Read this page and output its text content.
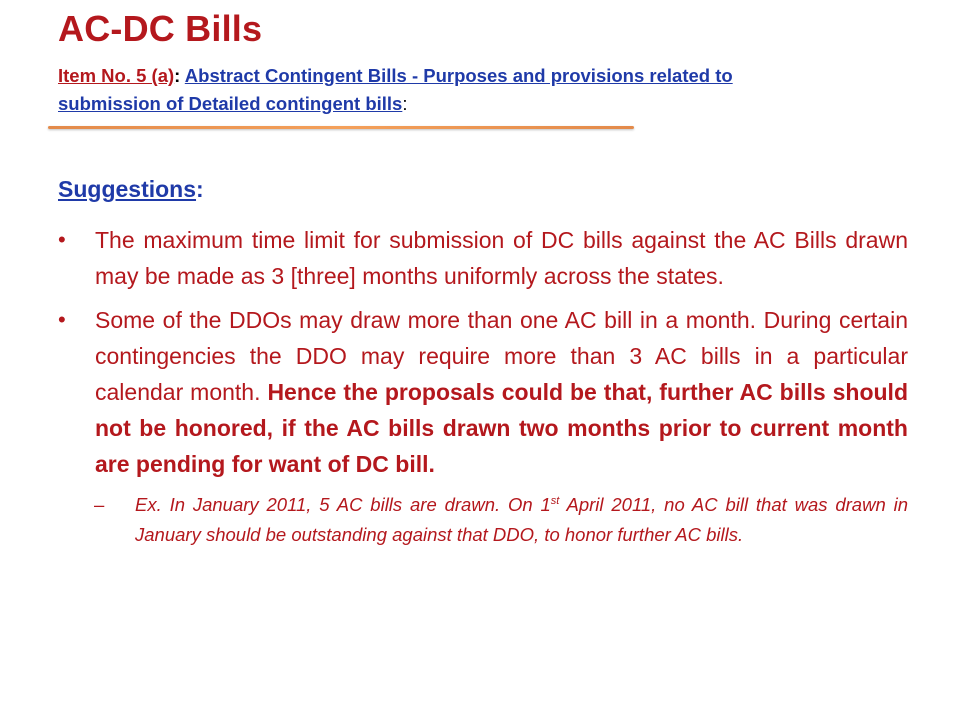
AC-DC Bills
Item No. 5 (a): Abstract Contingent Bills - Purposes and provisions related to
submission of Detailed contingent bills:
Suggestions:
• The maximum time limit for submission of DC bills against the AC Bills drawn may be made as 3 [three] months uniformly across the states.
• Some of the DDOs may draw more than one AC bill in a month. During certain contingencies the DDO may require more than 3 AC bills in a particular calendar month. Hence the proposals could be that, further AC bills should not be honored, if the AC bills drawn two months prior to current month are pending for want of DC bill.
– Ex. In January 2011, 5 AC bills are drawn. On 1st April 2011, no AC bill that was drawn in January should be outstanding against that DDO, to honor further AC bills.
